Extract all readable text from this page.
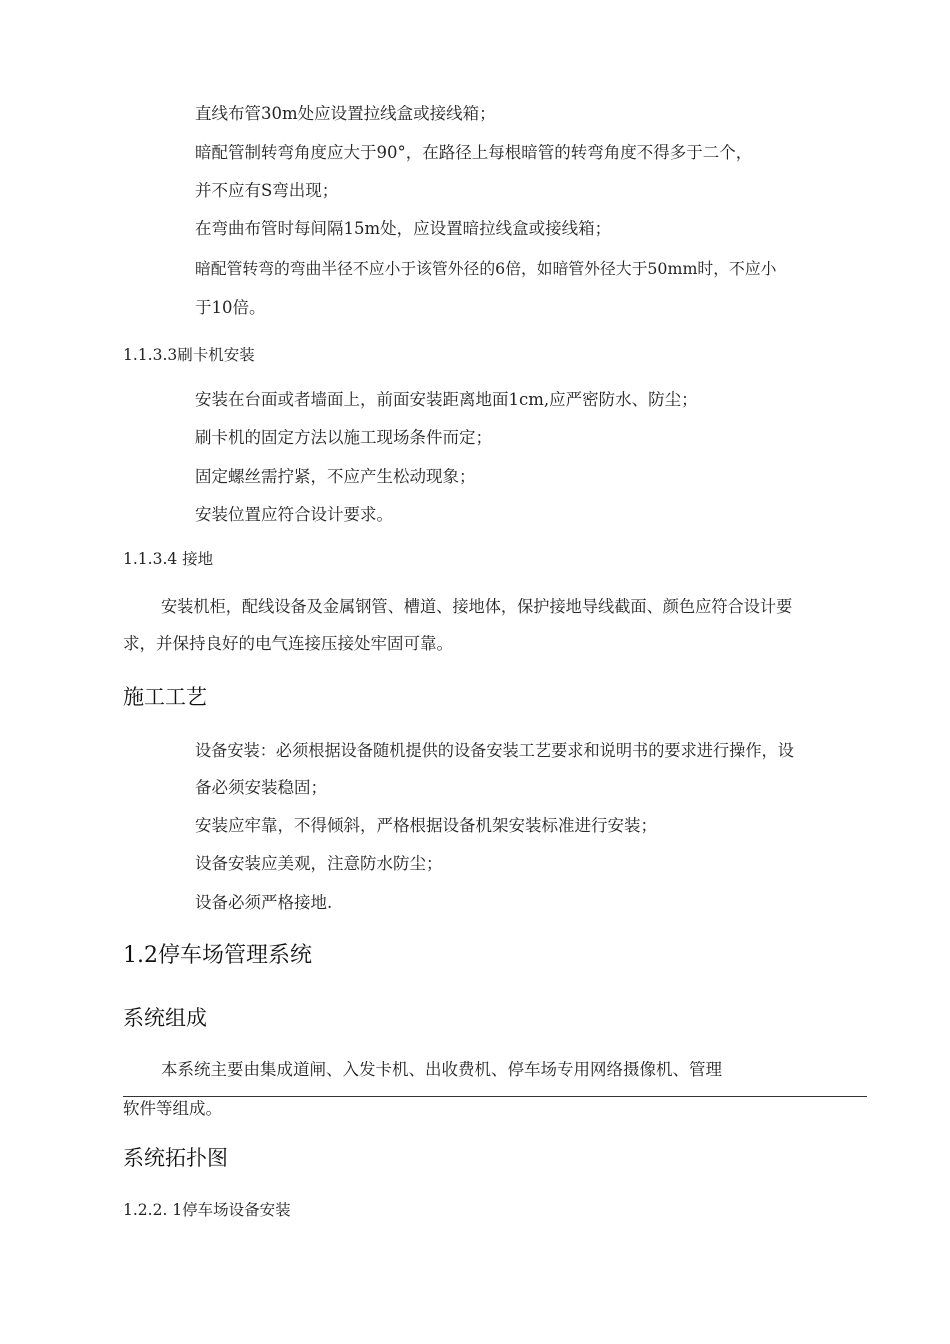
直线布管30m处应设置拉线盒或接线箱；
暗配管制转弯角度应大于90°，在路径上每根暗管的转弯角度不得多于二个，
并不应有S弯出现；
在弯曲布管时每间隔15m处，应设置暗拉线盒或接线箱；
暗配管转弯的弯曲半径不应小于该管外径的6倍，如暗管外径大于50mm时，不应小
于10倍。
1.1.3.3刷卡机安装
安装在台面或者墙面上，前面安装距离地面1cm,应严密防水、防尘；
刷卡机的固定方法以施工现场条件而定；
固定螺丝需拧紧，不应产生松动现象；
安装位置应符合设计要求。
1.1.3.4 接地
安装机柜，配线设备及金属钢管、槽道、接地体，保护接地导线截面、颜色应符合设计要
求，并保持良好的电气连接压接处牢固可靠。
施工工艺
设备安装：必须根据设备随机提供的设备安装工艺要求和说明书的要求进行操作，设
备必须安装稳固；
安装应牢靠，不得倾斜，严格根据设备机架安装标准进行安装；
设备安装应美观，注意防水防尘；
设备必须严格接地.
1.2停车场管理系统
系统组成
本系统主要由集成道闸、入发卡机、出收费机、停车场专用网络摄像机、管理
软件等组成。
系统拓扑图
1.2.2. 1停车场设备安装
